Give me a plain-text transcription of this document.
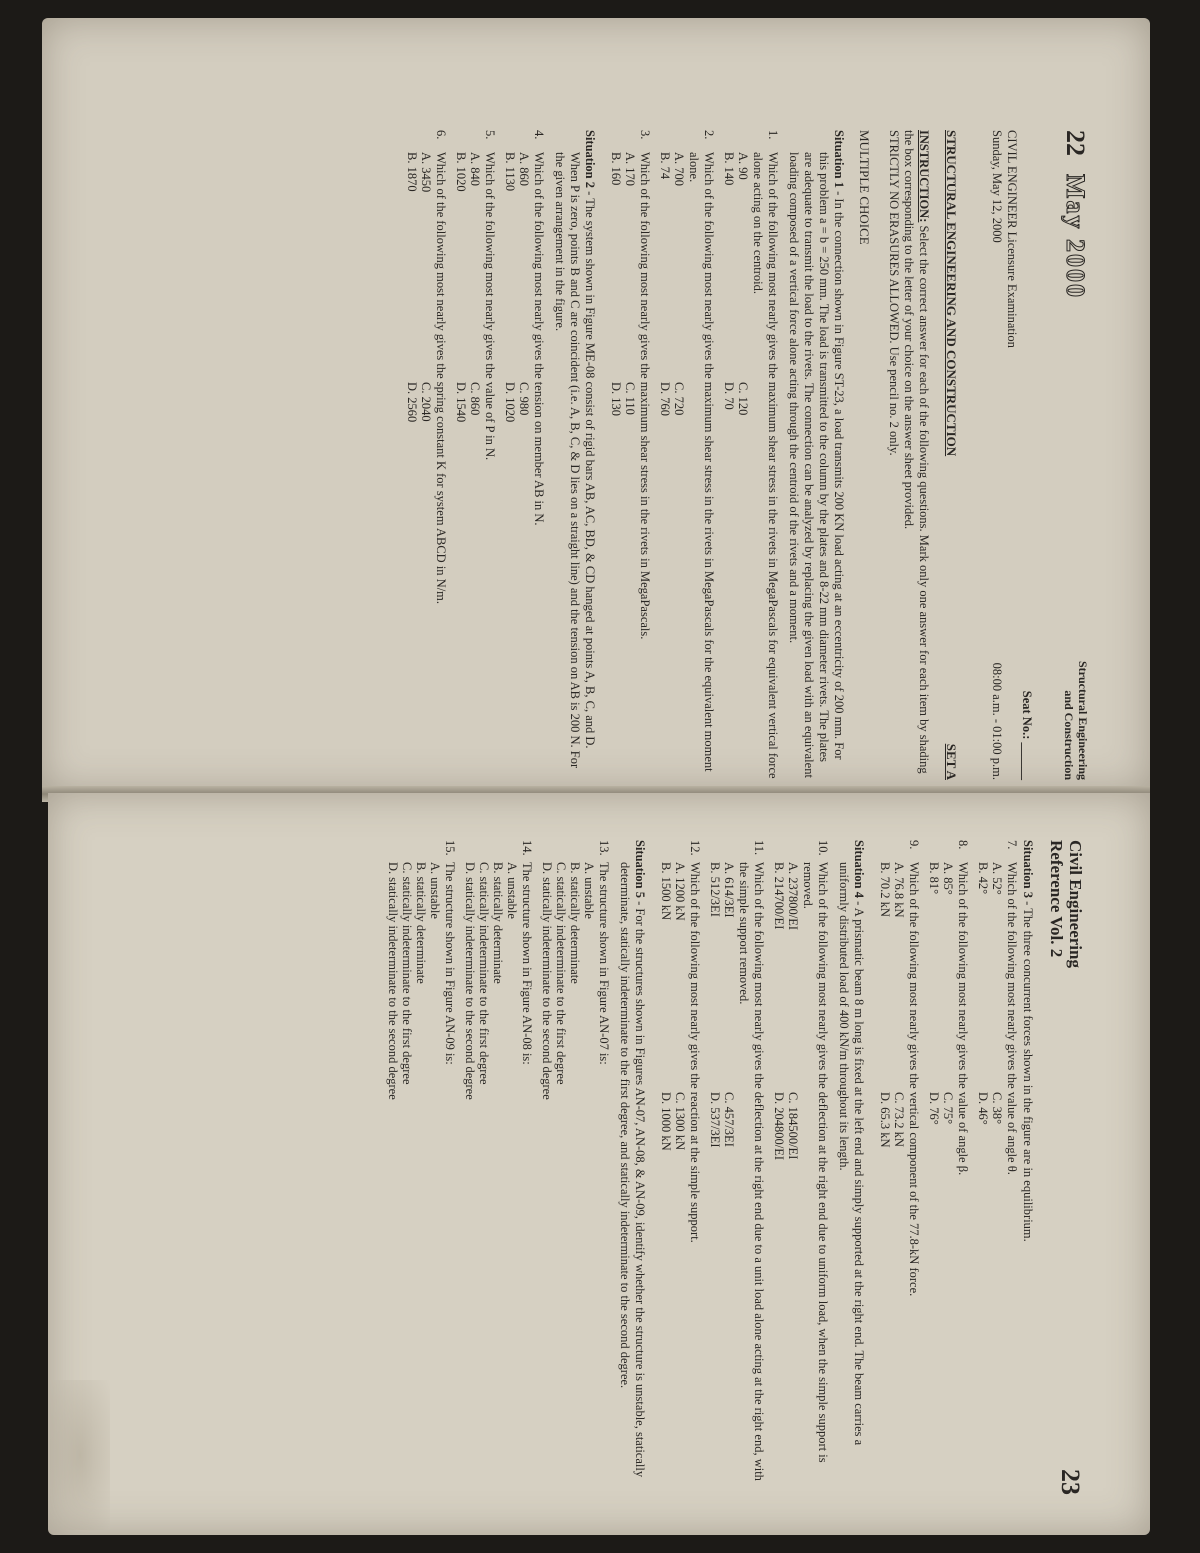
22
May 2000
Structural Engineering
and Construction
Seat No.: ______
CIVIL ENGINEER Licensure Examination
Sunday, May 12, 2000
08:00 a.m. - 01:00 p.m.
STRUCTURAL ENGINEERING AND CONSTRUCTION
SET A

INSTRUCTION: Select the correct answer for each of the following questions. Mark only one answer for each item by shading the box corresponding to the letter of your choice on the answer sheet provided.

STRICTLY NO ERASURES ALLOWED. Use pencil no. 2 only.

MULTIPLE CHOICE

Situation 1 - In the connection shown in Figure ST-23, a load transmits 200 KN load acting at an eccentricity of 200 mm. For this problem a = b = 250 mm. The load is transmitted to the column by the plates and 8-22 mm diameter rivets. The plates are adequate to transmit the load to the rivets. The connection can be analyzed by replacing the given load with an equivalent loading composed of a vertical force alone acting through the centroid of the rivets and a moment.

1.
Which of the following most nearly gives the maximum shear stress in the rivets in MegaPascals for equivalent vertical force alone acting on the centroid.
A. 90
C. 120
B. 140
D. 70
2.
Which of the following most nearly gives the maximum shear stress in the rivets in MegaPascals for the equivalent moment alone.
A. 700
C. 720
B. 74
D. 760
3.
Which of the following most nearly gives the maximum shear stress in the rivets in MegaPascals.
A. 170
C. 110
B. 160
D. 130

Situation 2 - The system shown in Figure ME-08 consist of rigid bars AB, AC, BD, & CD hanged at points A, B, C, and D. When P is zero, points B and C are coincident (i.e. A, B, C, & D lies on a straight line) and the tension on AB is 200 N. For the given arrangement in the figure.

4.
Which of the following most nearly gives the tension on member AB in N.
A. 860
C. 980
B. 1130
D. 1020
5.
Which of the following most nearly gives the value of P in N.
A. 840
C. 860
B. 1020
D. 1540
6.
Which of the following most nearly gives the spring constant K for system ABCD in N/m.
A. 3450
C. 2040
B. 1870
D. 2560
Civil Engineering
Reference Vol. 2
23

Situation 3 - The three concurrent forces shown in the figure are in equilibrium.

7.
Which of the following most nearly gives the value of angle θ.
A. 52°
C. 38°
B. 42°
D. 46°
8.
Which of the following most nearly gives the value of angle β.
A. 85°
C. 75°
B. 81°
D. 76°
9.
Which of the following most nearly gives the vertical component of the 77.8-kN force.
A. 76.8 kN
C. 73.2 kN
B. 70.2 kN
D. 65.3 kN

Situation 4 - A prismatic beam 8 m long is fixed at the left end and simply supported at the right end. The beam carries a uniformly distributed load of 400 kN/m throughout its length.

10.
Which of the following most nearly gives the deflection at the right end due to uniform load, when the simple support is removed.
A. 237800/EI
C. 184500/EI
B. 214700/EI
D. 204800/EI
11.
Which of the following most nearly gives the deflection at the right end due to a unit load alone acting at the right end, with the simple support removed.
A. 614/3EI
C. 457/3EI
B. 512/3EI
D. 537/3EI
12.
Which of the following most nearly gives the reaction at the simple support.
A. 1200 kN
C. 1300 kN
B. 1500 kN
D. 1000 kN

Situation 5 - For the structures shown in Figures AN-07, AN-08, & AN-09, identify whether the structure is unstable, statically determinate, statically indeterminate to the first degree, and statically indeterminate to the second degree.

13.
The structure shown in Figure AN-07 is:
A. unstable
B. statically determinate
C. statically indeterminate to the first degree
D. statically indeterminate to the second degree
14.
The structure shown in Figure AN-08 is:
A. unstable
B. statically determinate
C. statically indeterminate to the first degree
D. statically indeterminate to the second degree
15.
The structure shown in Figure AN-09 is:
A. unstable
B. statically determinate
C. statically indeterminate to the first degree
D. statically indeterminate to the second degree
